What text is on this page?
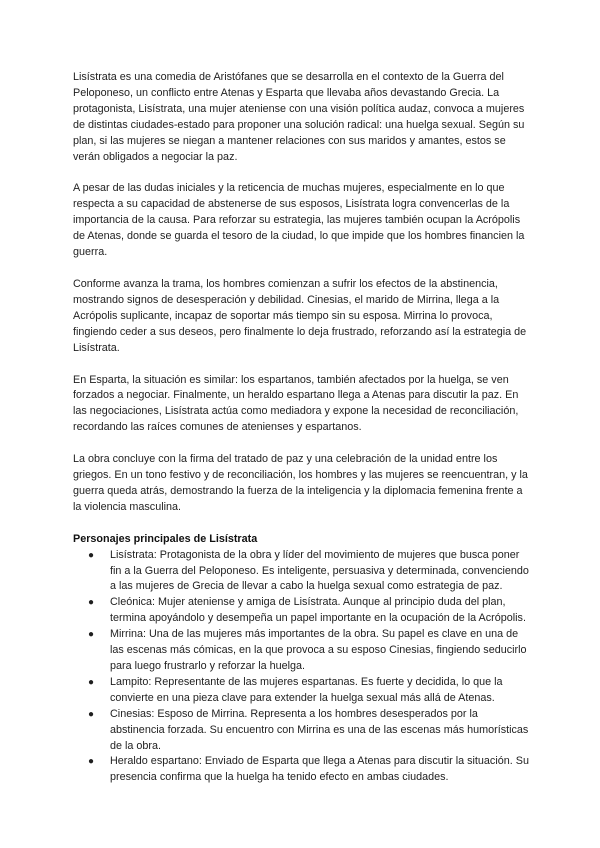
Lisístrata es una comedia de Aristófanes que se desarrolla en el contexto de la Guerra del Peloponeso, un conflicto entre Atenas y Esparta que llevaba años devastando Grecia. La protagonista, Lisístrata, una mujer ateniense con una visión política audaz, convoca a mujeres de distintas ciudades-estado para proponer una solución radical: una huelga sexual. Según su plan, si las mujeres se niegan a mantener relaciones con sus maridos y amantes, estos se verán obligados a negociar la paz.

A pesar de las dudas iniciales y la reticencia de muchas mujeres, especialmente en lo que respecta a su capacidad de abstenerse de sus esposos, Lisístrata logra convencerlas de la importancia de la causa. Para reforzar su estrategia, las mujeres también ocupan la Acrópolis de Atenas, donde se guarda el tesoro de la ciudad, lo que impide que los hombres financien la guerra.

Conforme avanza la trama, los hombres comienzan a sufrir los efectos de la abstinencia, mostrando signos de desesperación y debilidad. Cinesias, el marido de Mirrina, llega a la Acrópolis suplicante, incapaz de soportar más tiempo sin su esposa. Mirrina lo provoca, fingiendo ceder a sus deseos, pero finalmente lo deja frustrado, reforzando así la estrategia de Lisístrata.

En Esparta, la situación es similar: los espartanos, también afectados por la huelga, se ven forzados a negociar. Finalmente, un heraldo espartano llega a Atenas para discutir la paz. En las negociaciones, Lisístrata actúa como mediadora y expone la necesidad de reconciliación, recordando las raíces comunes de atenienses y espartanos.

La obra concluye con la firma del tratado de paz y una celebración de la unidad entre los griegos. En un tono festivo y de reconciliación, los hombres y las mujeres se reencuentran, y la guerra queda atrás, demostrando la fuerza de la inteligencia y la diplomacia femenina frente a la violencia masculina.

Personajes principales de Lisístrata
● Lisístrata: Protagonista de la obra y líder del movimiento de mujeres que busca poner fin a la Guerra del Peloponeso. Es inteligente, persuasiva y determinada, convenciendo a las mujeres de Grecia de llevar a cabo la huelga sexual como estrategia de paz.
● Cleónica: Mujer ateniense y amiga de Lisístrata. Aunque al principio duda del plan, termina apoyándolo y desempeña un papel importante en la ocupación de la Acrópolis.
● Mirrina: Una de las mujeres más importantes de la obra. Su papel es clave en una de las escenas más cómicas, en la que provoca a su esposo Cinesias, fingiendo seducirlo para luego frustrarlo y reforzar la huelga.
● Lampito: Representante de las mujeres espartanas. Es fuerte y decidida, lo que la convierte en una pieza clave para extender la huelga sexual más allá de Atenas.
● Cinesias: Esposo de Mirrina. Representa a los hombres desesperados por la abstinencia forzada. Su encuentro con Mirrina es una de las escenas más humorísticas de la obra.
● Heraldo espartano: Enviado de Esparta que llega a Atenas para discutir la situación. Su presencia confirma que la huelga ha tenido efecto en ambas ciudades.
